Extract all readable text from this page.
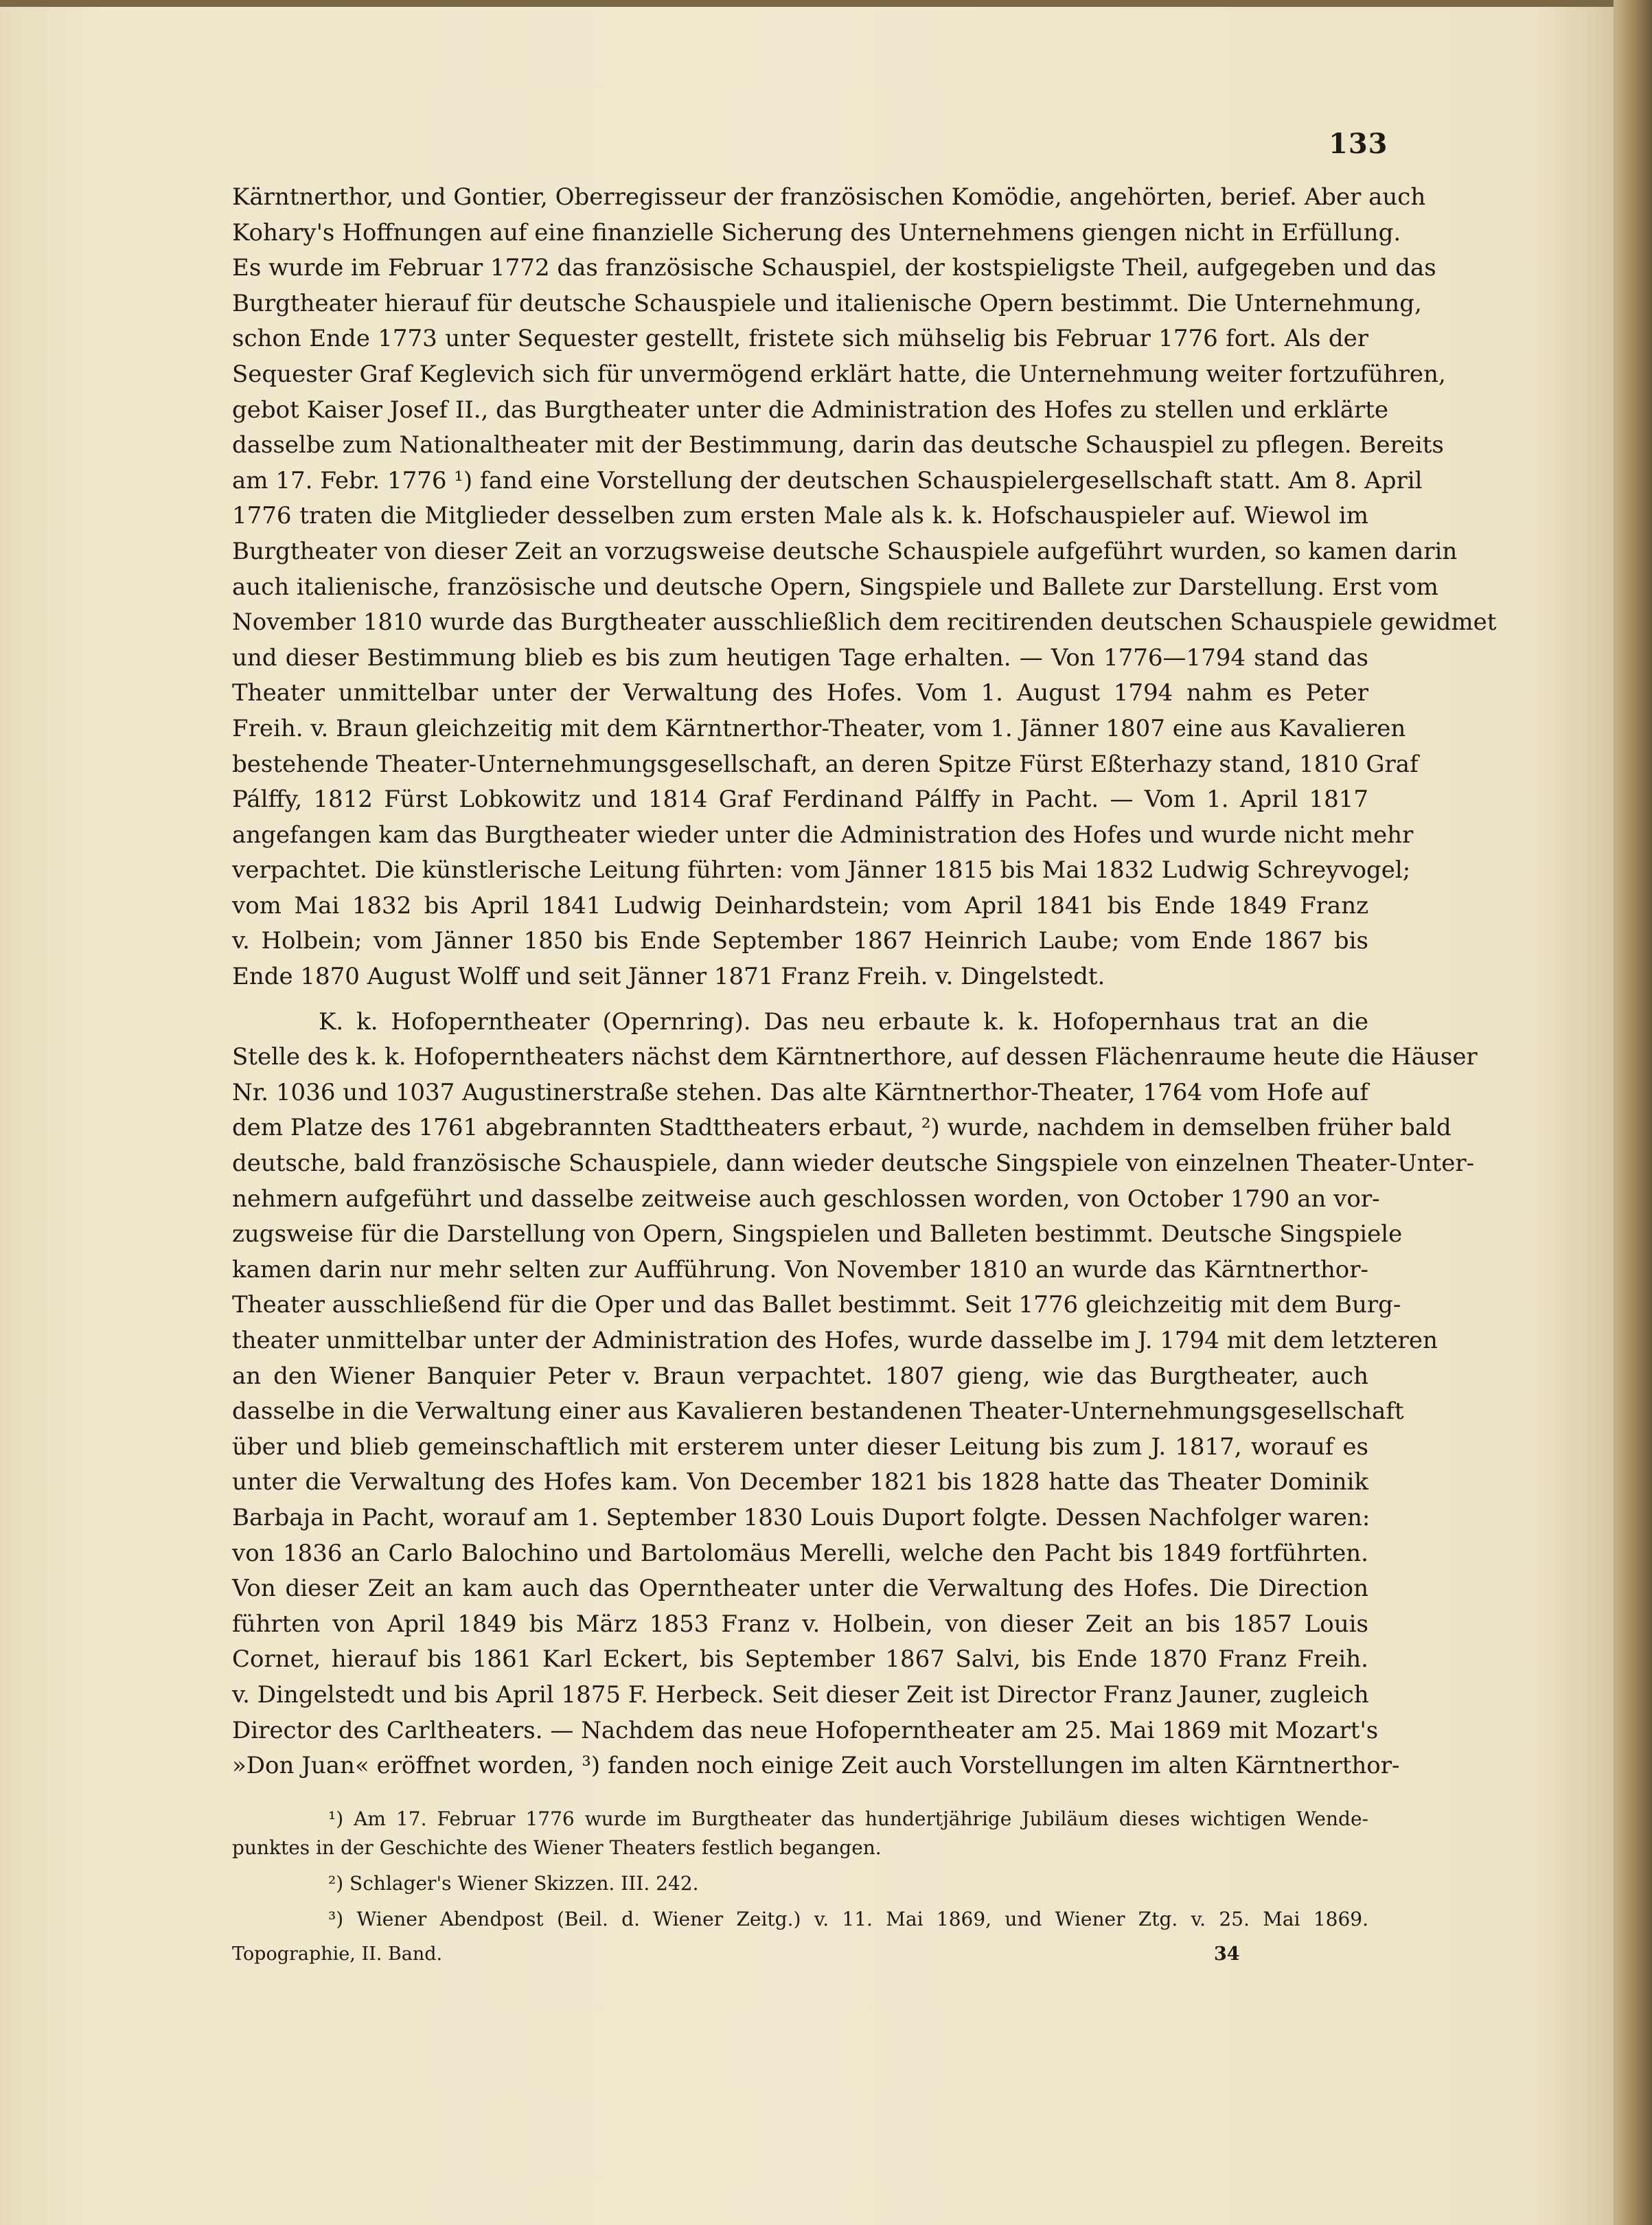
133
Kärntnerthor, und Gontier, Oberregisseur der französischen Komödie, angehörten, berief. Aber auch
Kohary's Hoffnungen auf eine finanzielle Sicherung des Unternehmens giengen nicht in Erfüllung.
Es wurde im Februar 1772 das französische Schauspiel, der kostspieligste Theil, aufgegeben und das
Burgtheater hierauf für deutsche Schauspiele und italienische Opern bestimmt. Die Unternehmung,
schon Ende 1773 unter Sequester gestellt, fristete sich mühselig bis Februar 1776 fort. Als der
Sequester Graf Keglevich sich für unvermögend erklärt hatte, die Unternehmung weiter fortzuführen,
gebot Kaiser Josef II., das Burgtheater unter die Administration des Hofes zu stellen und erklärte
dasselbe zum Nationaltheater mit der Bestimmung, darin das deutsche Schauspiel zu pflegen. Bereits
am 17. Febr. 1776 ¹) fand eine Vorstellung der deutschen Schauspielergesellschaft statt. Am 8. April
1776 traten die Mitglieder desselben zum ersten Male als k. k. Hofschauspieler auf. Wiewol im
Burgtheater von dieser Zeit an vorzugsweise deutsche Schauspiele aufgeführt wurden, so kamen darin
auch italienische, französische und deutsche Opern, Singspiele und Ballete zur Darstellung. Erst vom
November 1810 wurde das Burgtheater ausschließlich dem recitirenden deutschen Schauspiele gewidmet
und dieser Bestimmung blieb es bis zum heutigen Tage erhalten. — Von 1776—1794 stand das
Theater unmittelbar unter der Verwaltung des Hofes. Vom 1. August 1794 nahm es Peter
Freih. v. Braun gleichzeitig mit dem Kärntnerthor-Theater, vom 1. Jänner 1807 eine aus Kavalieren
bestehende Theater-Unternehmungsgesellschaft, an deren Spitze Fürst Eßterhazy stand, 1810 Graf
Pálffy, 1812 Fürst Lobkowitz und 1814 Graf Ferdinand Pálffy in Pacht. — Vom 1. April 1817
angefangen kam das Burgtheater wieder unter die Administration des Hofes und wurde nicht mehr
verpachtet. Die künstlerische Leitung führten: vom Jänner 1815 bis Mai 1832 Ludwig Schreyvogel;
vom Mai 1832 bis April 1841 Ludwig Deinhardstein; vom April 1841 bis Ende 1849 Franz
v. Holbein; vom Jänner 1850 bis Ende September 1867 Heinrich Laube; vom Ende 1867 bis
Ende 1870 August Wolff und seit Jänner 1871 Franz Freih. v. Dingelstedt.
K. k. Hofoperntheater (Opernring). Das neu erbaute k. k. Hofopernhaus trat an die
Stelle des k. k. Hofoperntheaters nächst dem Kärntnerthore, auf dessen Flächenraume heute die Häuser
Nr. 1036 und 1037 Augustinerstraße stehen. Das alte Kärntnerthor-Theater, 1764 vom Hofe auf
dem Platze des 1761 abgebrannten Stadttheaters erbaut, ²) wurde, nachdem in demselben früher bald
deutsche, bald französische Schauspiele, dann wieder deutsche Singspiele von einzelnen Theater-Unter-
nehmern aufgeführt und dasselbe zeitweise auch geschlossen worden, von October 1790 an vor-
zugsweise für die Darstellung von Opern, Singspielen und Balleten bestimmt. Deutsche Singspiele
kamen darin nur mehr selten zur Aufführung. Von November 1810 an wurde das Kärntnerthor-
Theater ausschließend für die Oper und das Ballet bestimmt. Seit 1776 gleichzeitig mit dem Burg-
theater unmittelbar unter der Administration des Hofes, wurde dasselbe im J. 1794 mit dem letzteren
an den Wiener Banquier Peter v. Braun verpachtet. 1807 gieng, wie das Burgtheater, auch
dasselbe in die Verwaltung einer aus Kavalieren bestandenen Theater-Unternehmungsgesellschaft
über und blieb gemeinschaftlich mit ersterem unter dieser Leitung bis zum J. 1817, worauf es
unter die Verwaltung des Hofes kam. Von December 1821 bis 1828 hatte das Theater Dominik
Barbaja in Pacht, worauf am 1. September 1830 Louis Duport folgte. Dessen Nachfolger waren:
von 1836 an Carlo Balochino und Bartolomäus Merelli, welche den Pacht bis 1849 fortführten.
Von dieser Zeit an kam auch das Operntheater unter die Verwaltung des Hofes. Die Direction
führten von April 1849 bis März 1853 Franz v. Holbein, von dieser Zeit an bis 1857 Louis
Cornet, hierauf bis 1861 Karl Eckert, bis September 1867 Salvi, bis Ende 1870 Franz Freih.
v. Dingelstedt und bis April 1875 F. Herbeck. Seit dieser Zeit ist Director Franz Jauner, zugleich
Director des Carltheaters. — Nachdem das neue Hofoperntheater am 25. Mai 1869 mit Mozart's
»Don Juan« eröffnet worden, ³) fanden noch einige Zeit auch Vorstellungen im alten Kärntnerthor-
¹) Am 17. Februar 1776 wurde im Burgtheater das hundertjährige Jubiläum dieses wichtigen Wende-
punktes in der Geschichte des Wiener Theaters festlich begangen.
²) Schlager's Wiener Skizzen. III. 242.
³) Wiener Abendpost (Beil. d. Wiener Zeitg.) v. 11. Mai 1869, und Wiener Ztg. v. 25. Mai 1869.
Topographie, II. Band.	34
